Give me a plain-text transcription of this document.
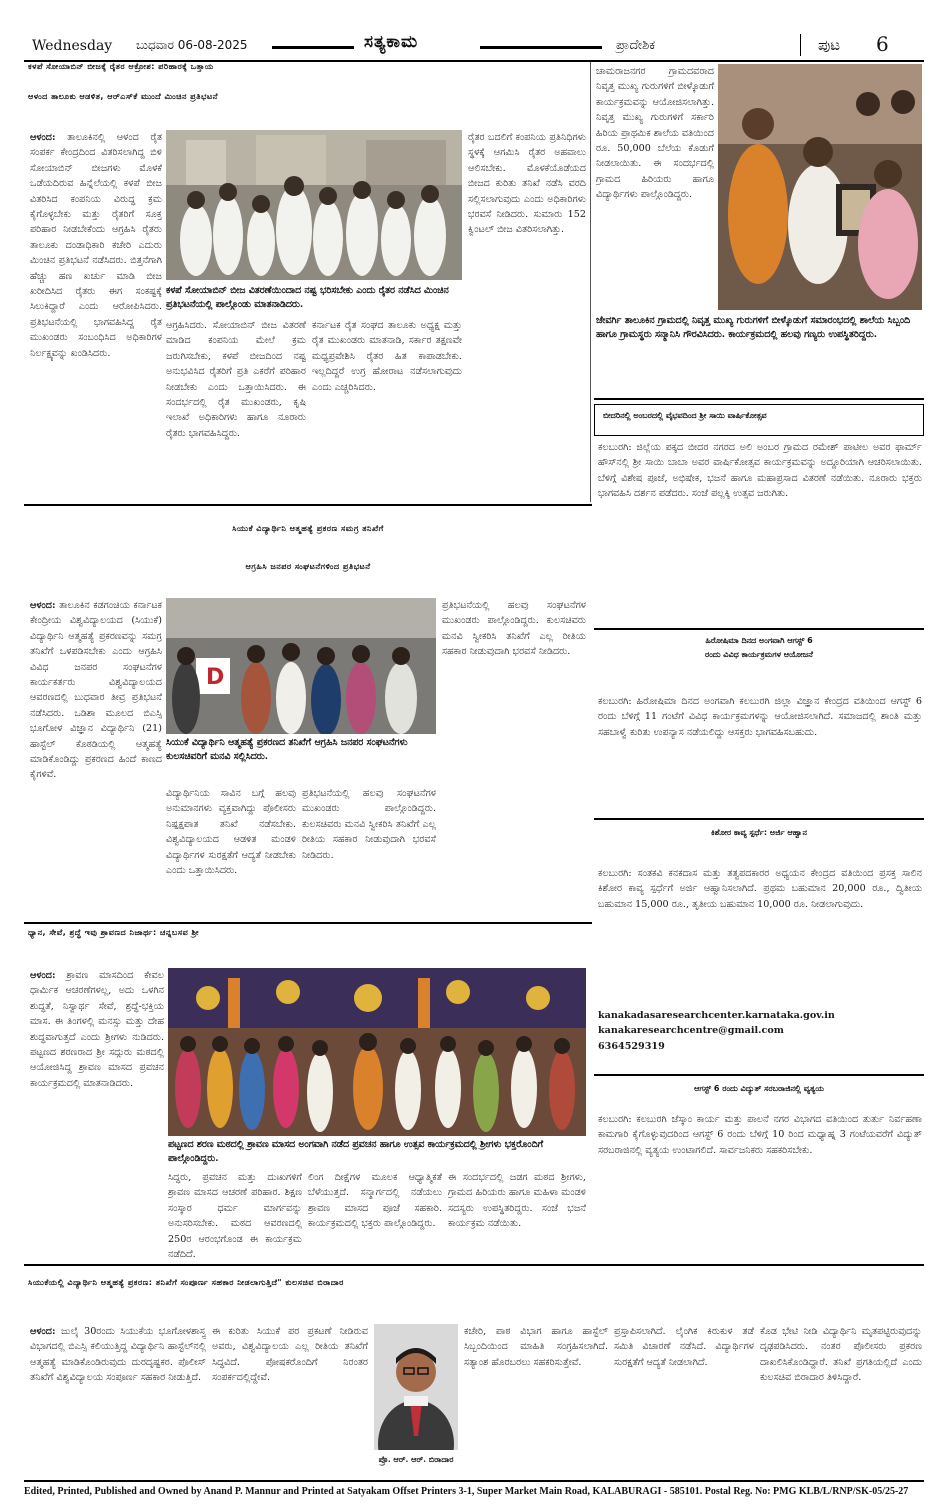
Wednesday ಬುಧವಾರ 06-08-2025	ಸತ್ಯಕಾಮ	ಪ್ರಾದೇಶಿಕ	ಪುಟ 6
ಕಳಪೆ ಸೋಯಾಬಿನ್ ಬೀಜಕ್ಕೆ ರೈತರ ಆಕ್ರೋಶ: ಪರಿಹಾರಕ್ಕೆ ಒತ್ತಾಯ
ಆಳಂದ ತಾಲೂಕು ಆಡಳಿತ, ಆರ್‌ಎಸ್‌ಕೆ ಮುಂದೆ ಮಿಂಚಿನ ಪ್ರತಿಭಟನೆ

ಆಳಂದ: ತಾಲೂಕಿನಲ್ಲಿ ಆಳಂದ ರೈತ ಸಂಪರ್ಕ ಕೇಂದ್ರದಿಂದ ವಿತರಿಸಲಾಗಿದ್ದ ಬಿಳಿ ಸೋಯಾಬಿನ್ ಬೀಜಗಳು ಮೊಳಕೆ ಒಡೆಯದಿರುವ ಹಿನ್ನೆಲೆಯಲ್ಲಿ ಕಳಪೆ ಬೀಜ ವಿತರಿಸಿದ ಕಂಪನಿಯ ವಿರುದ್ಧ ಕ್ರಮ ಕೈಗೊಳ್ಳಬೇಕು ಮತ್ತು ರೈತರಿಗೆ ಸೂಕ್ತ ಪರಿಹಾರ ನೀಡಬೇಕೆಂದು ಆಗ್ರಹಿಸಿ ರೈತರು ತಾಲೂಕು ದಂಡಾಧಿಕಾರಿ ಕಚೇರಿ ಎದುರು ಮಿಂಚಿನ ಪ್ರತಿಭಟನೆ ನಡೆಸಿದರು. ಬಿತ್ತನೆಗಾಗಿ ಹೆಚ್ಚು ಹಣ ಖರ್ಚು ಮಾಡಿ ಬೀಜ ಖರೀದಿಸಿದ ರೈತರು ಈಗ ಸಂಕಷ್ಟಕ್ಕೆ ಸಿಲುಕಿದ್ದಾರೆ ಎಂದು ಆರೋಪಿಸಿದರು. ಪ್ರತಿಭಟನೆಯಲ್ಲಿ ಭಾಗವಹಿಸಿದ್ದ ರೈತ ಮುಖಂಡರು ಸಂಬಂಧಿಸಿದ ಅಧಿಕಾರಿಗಳ ನಿರ್ಲಕ್ಷ್ಯವನ್ನು ಖಂಡಿಸಿದರು.

ಕಳಪೆ ಸೋಯಾಬಿನ್ ಬೀಜ ವಿತರಣೆಯಿಂದಾದ ನಷ್ಟ ಭರಿಸಬೇಕು ಎಂದು ರೈತರ ನಡೆಸಿದ ಮಿಂಚಿನ ಪ್ರತಿಭಟನೆಯಲ್ಲಿ ಪಾಲ್ಗೊಂಡು ಮಾತನಾಡಿದರು.
ಆಗ್ರಹಿಸಿದರು. ಸೋಯಾಬಿನ್ ಬೀಜ ವಿತರಣೆ ಮಾಡಿದ ಕಂಪನಿಯ ಮೇಲೆ ಕ್ರಮ ಜರುಗಿಸಬೇಕು, ಕಳಪೆ ಬೀಜದಿಂದ ನಷ್ಟ ಅನುಭವಿಸಿದ ರೈತರಿಗೆ ಪ್ರತಿ ಎಕರೆಗೆ ಪರಿಹಾರ ನೀಡಬೇಕು ಎಂದು ಒತ್ತಾಯಿಸಿದರು. ಈ ಸಂದರ್ಭದಲ್ಲಿ ರೈತ ಮುಖಂಡರು, ಕೃಷಿ ಇಲಾಖೆ ಅಧಿಕಾರಿಗಳು ಹಾಗೂ ನೂರಾರು ರೈತರು ಭಾಗವಹಿಸಿದ್ದರು.
ಕರ್ನಾಟಕ ರೈತ ಸಂಘದ ತಾಲೂಕು ಅಧ್ಯಕ್ಷ ಮತ್ತು ರೈತ ಮುಖಂಡರು ಮಾತನಾಡಿ, ಸರ್ಕಾರ ತಕ್ಷಣವೇ ಮಧ್ಯಪ್ರವೇಶಿಸಿ ರೈತರ ಹಿತ ಕಾಪಾಡಬೇಕು. ಇಲ್ಲದಿದ್ದರೆ ಉಗ್ರ ಹೋರಾಟ ನಡೆಸಲಾಗುವುದು ಎಂದು ಎಚ್ಚರಿಸಿದರು.
ರೈತರ ಬದಲಿಗೆ ಕಂಪನಿಯ ಪ್ರತಿನಿಧಿಗಳು ಸ್ಥಳಕ್ಕೆ ಆಗಮಿಸಿ ರೈತರ ಅಹವಾಲು ಆಲಿಸಬೇಕು. ಮೊಳಕೆಯೊಡೆಯದ ಬೀಜದ ಕುರಿತು ತನಿಖೆ ನಡೆಸಿ ವರದಿ ಸಲ್ಲಿಸಲಾಗುವುದು ಎಂದು ಅಧಿಕಾರಿಗಳು ಭರವಸೆ ನೀಡಿದರು. ಸುಮಾರು 152 ಕ್ವಿಂಟಲ್ ಬೀಜ ವಿತರಿಸಲಾಗಿತ್ತು.
ಚಾಮರಾಜನಗರ ಗ್ರಾಮದವರಾದ ನಿವೃತ್ತ ಮುಖ್ಯ ಗುರುಗಳಿಗೆ ಬೀಳ್ಕೊಡುಗೆ ಕಾರ್ಯಕ್ರಮವನ್ನು ಆಯೋಜಿಸಲಾಗಿತ್ತು. ನಿವೃತ್ತ ಮುಖ್ಯ ಗುರುಗಳಿಗೆ ಸರ್ಕಾರಿ ಹಿರಿಯ ಪ್ರಾಥಮಿಕ ಶಾಲೆಯ ವತಿಯಿಂದ ರೂ. 50,000 ಬೆಲೆಯ ಕೊಡುಗೆ ನೀಡಲಾಯಿತು. ಈ ಸಂದರ್ಭದಲ್ಲಿ ಗ್ರಾಮದ ಹಿರಿಯರು ಹಾಗೂ ವಿದ್ಯಾರ್ಥಿಗಳು ಪಾಲ್ಗೊಂಡಿದ್ದರು.
ಜೇವರ್ಗಿ ತಾಲೂಕಿನ ಗ್ರಾಮದಲ್ಲಿ ನಿವೃತ್ತ ಮುಖ್ಯ ಗುರುಗಳಿಗೆ ಬೀಳ್ಕೊಡುಗೆ ಸಮಾರಂಭದಲ್ಲಿ ಶಾಲೆಯ ಸಿಬ್ಬಂದಿ ಹಾಗೂ ಗ್ರಾಮಸ್ಥರು ಸನ್ಮಾನಿಸಿ ಗೌರವಿಸಿದರು. ಕಾರ್ಯಕ್ರಮದಲ್ಲಿ ಹಲವು ಗಣ್ಯರು ಉಪಸ್ಥಿತರಿದ್ದರು.
ಬೀದರಿನಲ್ಲಿ ಅಂಬರದಲ್ಲಿ ವೈಭವದಿಂದ ಶ್ರೀ ಸಾಯಿ ವಾರ್ಷಿಕೋತ್ಸವ
ಕಲಬುರಗಿ: ಜಿಲ್ಲೆಯ ಪಕ್ಕದ ಬೀದರ ನಗರದ ಅಲಿ ಅಂಬರ ಗ್ರಾಮದ ರಮೇಶ್ ಪಾಟೀಲ ಅವರ ಫಾರ್ಮ್ ಹೌಸ್‌ನಲ್ಲಿ ಶ್ರೀ ಸಾಯಿ ಬಾಬಾ ಅವರ ವಾರ್ಷಿಕೋತ್ಸವ ಕಾರ್ಯಕ್ರಮವನ್ನು ಅದ್ದೂರಿಯಾಗಿ ಆಚರಿಸಲಾಯಿತು. ಬೆಳಿಗ್ಗೆ ವಿಶೇಷ ಪೂಜೆ, ಅಭಿಷೇಕ, ಭಜನೆ ಹಾಗೂ ಮಹಾಪ್ರಸಾದ ವಿತರಣೆ ನಡೆಯಿತು. ನೂರಾರು ಭಕ್ತರು ಭಾಗವಹಿಸಿ ದರ್ಶನ ಪಡೆದರು. ಸಂಜೆ ಪಲ್ಲಕ್ಕಿ ಉತ್ಸವ ಜರುಗಿತು.
ಸಿಯುಕೆ ವಿದ್ಯಾರ್ಥಿನಿ ಆತ್ಮಹತ್ಯೆ ಪ್ರಕರಣ ಸಮಗ್ರ ತನಿಖೆಗೆ
ಆಗ್ರಹಿಸಿ ಜನಪರ ಸಂಘಟನೆಗಳಿಂದ ಪ್ರತಿಭಟನೆ

ಆಳಂದ: ತಾಲೂಕಿನ ಕಡಗಂಚಿಯ ಕರ್ನಾಟಕ ಕೇಂದ್ರೀಯ ವಿಶ್ವವಿದ್ಯಾಲಯದ (ಸಿಯುಕೆ) ವಿದ್ಯಾರ್ಥಿನಿ ಆತ್ಮಹತ್ಯೆ ಪ್ರಕರಣವನ್ನು ಸಮಗ್ರ ತನಿಖೆಗೆ ಒಳಪಡಿಸಬೇಕು ಎಂದು ಆಗ್ರಹಿಸಿ ವಿವಿಧ ಜನಪರ ಸಂಘಟನೆಗಳ ಕಾರ್ಯಕರ್ತರು ವಿಶ್ವವಿದ್ಯಾಲಯದ ಆವರಣದಲ್ಲಿ ಬುಧವಾರ ತೀವ್ರ ಪ್ರತಿಭಟನೆ ನಡೆಸಿದರು. ಒಡಿಶಾ ಮೂಲದ ಬಿಎಸ್ಸಿ ಭೂಗೋಳ ವಿಜ್ಞಾನ ವಿದ್ಯಾರ್ಥಿನಿ (21) ಹಾಸ್ಟೆಲ್ ಕೊಠಡಿಯಲ್ಲಿ ಆತ್ಮಹತ್ಯೆ ಮಾಡಿಕೊಂಡಿದ್ದು ಪ್ರಕರಣದ ಹಿಂದೆ ಕಾಣದ ಕೈಗಳಿವೆ.

D
ಸಿಯುಕೆ ವಿದ್ಯಾರ್ಥಿನಿ ಆತ್ಮಹತ್ಯೆ ಪ್ರಕರಣದ ತನಿಖೆಗೆ ಆಗ್ರಹಿಸಿ ಜನಪರ ಸಂಘಟನೆಗಳು ಕುಲಸಚಿವರಿಗೆ ಮನವಿ ಸಲ್ಲಿಸಿದರು.
ವಿದ್ಯಾರ್ಥಿನಿಯ ಸಾವಿನ ಬಗ್ಗೆ ಹಲವು ಅನುಮಾನಗಳು ವ್ಯಕ್ತವಾಗಿದ್ದು ಪೊಲೀಸರು ನಿಷ್ಪಕ್ಷಪಾತ ತನಿಖೆ ನಡೆಸಬೇಕು. ವಿಶ್ವವಿದ್ಯಾಲಯದ ಆಡಳಿತ ಮಂಡಳಿ ವಿದ್ಯಾರ್ಥಿಗಳ ಸುರಕ್ಷತೆಗೆ ಆದ್ಯತೆ ನೀಡಬೇಕು ಎಂದು ಒತ್ತಾಯಿಸಿದರು.
ಪ್ರತಿಭಟನೆಯಲ್ಲಿ ಹಲವು ಸಂಘಟನೆಗಳ ಮುಖಂಡರು ಪಾಲ್ಗೊಂಡಿದ್ದರು. ಕುಲಸಚಿವರು ಮನವಿ ಸ್ವೀಕರಿಸಿ ತನಿಖೆಗೆ ಎಲ್ಲ ರೀತಿಯ ಸಹಕಾರ ನೀಡುವುದಾಗಿ ಭರವಸೆ ನೀಡಿದರು.
ಪ್ರತಿಭಟನೆಯಲ್ಲಿ ಹಲವು ಸಂಘಟನೆಗಳ ಮುಖಂಡರು ಪಾಲ್ಗೊಂಡಿದ್ದರು. ಕುಲಸಚಿವರು ಮನವಿ ಸ್ವೀಕರಿಸಿ ತನಿಖೆಗೆ ಎಲ್ಲ ರೀತಿಯ ಸಹಕಾರ ನೀಡುವುದಾಗಿ ಭರವಸೆ ನೀಡಿದರು.
ಹಿರೋಷಿಮಾ ದಿನದ ಅಂಗವಾಗಿ ಆಗಸ್ಟ್ 6
ರಂದು ವಿವಿಧ ಕಾರ್ಯಕ್ರಮಗಳ ಆಯೋಜನೆ
ಕಲಬುರಗಿ: ಹಿರೋಷಿಮಾ ದಿನದ ಅಂಗವಾಗಿ ಕಲಬುರಗಿ ಜಿಲ್ಲಾ ವಿಜ್ಞಾನ ಕೇಂದ್ರದ ವತಿಯಿಂದ ಆಗಸ್ಟ್ 6 ರಂದು ಬೆಳಿಗ್ಗೆ 11 ಗಂಟೆಗೆ ವಿವಿಧ ಕಾರ್ಯಕ್ರಮಗಳನ್ನು ಆಯೋಜಿಸಲಾಗಿದೆ. ಸಮಾಜದಲ್ಲಿ ಶಾಂತಿ ಮತ್ತು ಸಹಬಾಳ್ವೆ ಕುರಿತು ಉಪನ್ಯಾಸ ನಡೆಯಲಿದ್ದು ಆಸಕ್ತರು ಭಾಗವಹಿಸಬಹುದು.
ಕಿಶೋರ ಕಾವ್ಯ ಸ್ಪರ್ಧೆ: ಅರ್ಜಿ ಆಹ್ವಾನ
ಕಲಬುರಗಿ: ಸಂತಕವಿ ಕನಕದಾಸ ಮತ್ತು ತತ್ವಪದಕಾರರ ಅಧ್ಯಯನ ಕೇಂದ್ರದ ವತಿಯಿಂದ ಪ್ರಸಕ್ತ ಸಾಲಿನ ಕಿಶೋರ ಕಾವ್ಯ ಸ್ಪರ್ಧೆಗೆ ಅರ್ಜಿ ಆಹ್ವಾನಿಸಲಾಗಿದೆ. ಪ್ರಥಮ ಬಹುಮಾನ 20,000 ರೂ., ದ್ವಿತೀಯ ಬಹುಮಾನ 15,000 ರೂ., ತೃತೀಯ ಬಹುಮಾನ 10,000 ರೂ. ನೀಡಲಾಗುವುದು.
kanakadasaresearchcenter.karnataka.gov.in
kanakaresearchcentre@gmail.com
6364529319
ಧ್ಯಾನ, ಸೇವೆ, ಶ್ರದ್ಧೆ ಇವು ಶ್ರಾವಣದ ನಿಜಾರ್ಥ: ಚನ್ನಬಸವ ಶ್ರೀ

ಆಳಂದ: ಶ್ರಾವಣ ಮಾಸದಿಂದ ಕೇವಲ ಧಾರ್ಮಿಕ ಆಚರಣೆಗಳಲ್ಲ, ಅದು ಒಳಗಿನ ಶುದ್ಧತೆ, ನಿಸ್ವಾರ್ಥ ಸೇವೆ, ಶ್ರದ್ಧೆ-ಭಕ್ತಿಯ ಮಾಸ. ಈ ತಿಂಗಳಲ್ಲಿ ಮನಸ್ಸು ಮತ್ತು ದೇಹ ಶುದ್ಧವಾಗುತ್ತದೆ ಎಂದು ಶ್ರೀಗಳು ನುಡಿದರು. ಪಟ್ಟಣದ ಶರಣರಾದ ಶ್ರೀ ಸದ್ಗುರು ಮಠದಲ್ಲಿ ಆಯೋಜಿಸಿದ್ದ ಶ್ರಾವಣ ಮಾಸದ ಪ್ರವಚನ ಕಾರ್ಯಕ್ರಮದಲ್ಲಿ ಮಾತನಾಡಿದರು.

ಪಟ್ಟಣದ ಶರಣ ಮಠದಲ್ಲಿ ಶ್ರಾವಣ ಮಾಸದ ಅಂಗವಾಗಿ ನಡೆದ ಪ್ರವಚನ ಹಾಗೂ ಉತ್ಸವ ಕಾರ್ಯಕ್ರಮದಲ್ಲಿ ಶ್ರೀಗಳು ಭಕ್ತರೊಂದಿಗೆ ಪಾಲ್ಗೊಂಡಿದ್ದರು.
ಸಿದ್ಧರು, ಪ್ರವಚನ ಮತ್ತು ದುಃಖಗಳಿಗೆ ಶ್ರಾವಣ ಮಾಸದ ಆಚರಣೆ ಪರಿಹಾರ. ಶಿಕ್ಷಣ ಸಂಸ್ಕಾರ ಧರ್ಮ ಮಾರ್ಗವನ್ನು ಅನುಸರಿಸಬೇಕು. ಮಠದ ಆವರಣದಲ್ಲಿ 250ರ ಆರಂಭಗೊಂಡ ಈ ಕಾರ್ಯಕ್ರಮ ನಡೆದಿದೆ.
ಲಿಂಗ ದೀಕ್ಷೆಗಳ ಮೂಲಕ ಆಧ್ಯಾತ್ಮಿಕತೆ ಬೆಳೆಯುತ್ತದೆ. ಸನ್ಮಾರ್ಗದಲ್ಲಿ ನಡೆಯಲು ಶ್ರಾವಣ ಮಾಸದ ಪೂಜೆ ಸಹಕಾರಿ. ಕಾರ್ಯಕ್ರಮದಲ್ಲಿ ಭಕ್ತರು ಪಾಲ್ಗೊಂಡಿದ್ದರು.
ಈ ಸಂದರ್ಭದಲ್ಲಿ ಜಡಗ ಮಠದ ಶ್ರೀಗಳು, ಗ್ರಾಮದ ಹಿರಿಯರು ಹಾಗೂ ಮಹಿಳಾ ಮಂಡಳಿ ಸದಸ್ಯರು ಉಪಸ್ಥಿತರಿದ್ದರು. ಸಂಜೆ ಭಜನೆ ಕಾರ್ಯಕ್ರಮ ನಡೆಯಿತು.
ಆಗಸ್ಟ್ 6 ರಂದು ವಿದ್ಯುತ್ ಸರಬರಾಜಿನಲ್ಲಿ ವ್ಯತ್ಯಯ
ಕಲಬುರಗಿ: ಕಲಬುರಗಿ ಜೆಸ್ಕಾಂ ಕಾರ್ಯ ಮತ್ತು ಪಾಲನೆ ನಗರ ವಿಭಾಗದ ವತಿಯಿಂದ ತುರ್ತು ನಿರ್ವಹಣಾ ಕಾಮಗಾರಿ ಕೈಗೊಳ್ಳುವುದರಿಂದ ಆಗಸ್ಟ್ 6 ರಂದು ಬೆಳಿಗ್ಗೆ 10 ರಿಂದ ಮಧ್ಯಾಹ್ನ 3 ಗಂಟೆಯವರೆಗೆ ವಿದ್ಯುತ್ ಸರಬರಾಜಿನಲ್ಲಿ ವ್ಯತ್ಯಯ ಉಂಟಾಗಲಿದೆ. ಸಾರ್ವಜನಿಕರು ಸಹಕರಿಸಬೇಕು.
ಸಿಯುಕೆಯಲ್ಲಿ ವಿದ್ಯಾರ್ಥಿನಿ ಆತ್ಮಹತ್ಯೆ ಪ್ರಕರಣ: ತನಿಖೆಗೆ ಸಂಪೂರ್ಣ ಸಹಕಾರ ನೀಡಲಾಗುತ್ತಿದೆ" ಕುಲಸಚಿವ ಬಿರಾದಾರ

ಆಳಂದ: ಜುಲೈ 30ರಂದು ಸಿಯುಕೆಯ ಭೂಗೋಳಶಾಸ್ತ್ರ ವಿಭಾಗದಲ್ಲಿ ಬಿಎಸ್ಸಿ ಕಲಿಯುತ್ತಿದ್ದ ವಿದ್ಯಾರ್ಥಿನಿ ಹಾಸ್ಟೆಲ್‌ನಲ್ಲಿ ಆತ್ಮಹತ್ಯೆ ಮಾಡಿಕೊಂಡಿರುವುದು ದುರದೃಷ್ಟಕರ. ಪೊಲೀಸ್ ತನಿಖೆಗೆ ವಿಶ್ವವಿದ್ಯಾಲಯ ಸಂಪೂರ್ಣ ಸಹಕಾರ ನೀಡುತ್ತಿದೆ.

ಈ ಕುರಿತು ಸಿಯುಕೆ ಪರ ಪ್ರಕಟಣೆ ನೀಡಿರುವ ಅವರು, ವಿಶ್ವವಿದ್ಯಾಲಯ ಎಲ್ಲ ರೀತಿಯ ತನಿಖೆಗೆ ಸಿದ್ಧವಿದೆ. ಪೋಷಕರೊಂದಿಗೆ ನಿರಂತರ ಸಂಪರ್ಕದಲ್ಲಿದ್ದೇವೆ.
ಪ್ರೊ. ಆರ್. ಆರ್. ಬಿರಾದಾರ
ಕಚೇರಿ, ಪಾಠ ವಿಭಾಗ ಹಾಗೂ ಹಾಸ್ಟೆಲ್ ಸಿಬ್ಬಂದಿಯಿಂದ ಮಾಹಿತಿ ಸಂಗ್ರಹಿಸಲಾಗಿದೆ. ಸತ್ಯಾಂಶ ಹೊರಬರಲು ಸಹಕರಿಸುತ್ತೇವೆ.
ಪ್ರಸ್ತಾಪಿಸಲಾಗಿದೆ. ಲೈಂಗಿಕ ಕಿರುಕುಳ ತಡೆ ಸಮಿತಿ ವಿಚಾರಣೆ ನಡೆಸಿದೆ. ವಿದ್ಯಾರ್ಥಿಗಳ ಸುರಕ್ಷತೆಗೆ ಆದ್ಯತೆ ನೀಡಲಾಗಿದೆ.
ಕೊಡ ಭೇಟಿ ನೀಡಿ ವಿದ್ಯಾರ್ಥಿನಿ ಮೃತಪಟ್ಟಿರುವುದನ್ನು ದೃಢಪಡಿಸಿದರು. ನಂತರ ಪೊಲೀಸರು ಪ್ರಕರಣ ದಾಖಲಿಸಿಕೊಂಡಿದ್ದಾರೆ. ತನಿಖೆ ಪ್ರಗತಿಯಲ್ಲಿದೆ ಎಂದು ಕುಲಸಚಿವ ಬಿರಾದಾರ ತಿಳಿಸಿದ್ದಾರೆ.
Edited, Printed, Published and Owned by Anand P. Mannur and Printed at Satyakam Offset Printers 3-1, Super Market Main Road, KALABURAGI - 585101. Postal Reg. No: PMG KLB/L/RNP/SK-05/25-27
